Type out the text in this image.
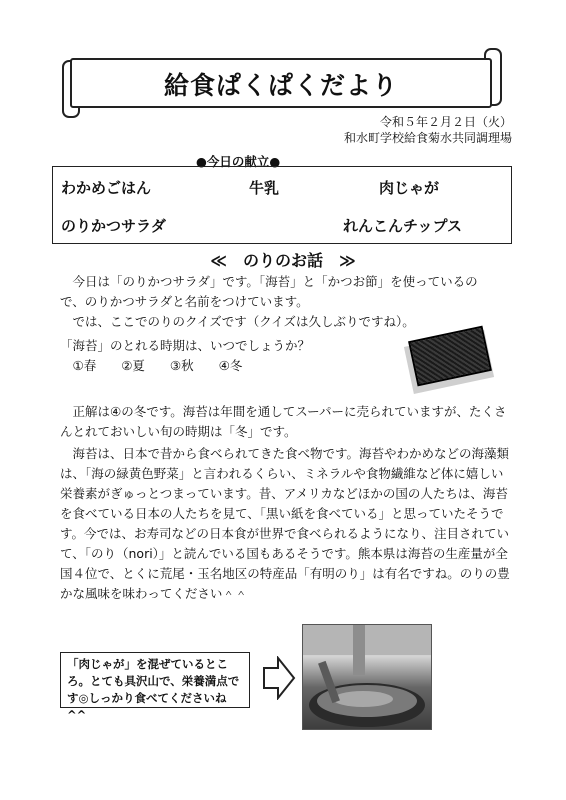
給食ぱくぱくだより
令和５年２月２日（火）
和水町学校給食菊水共同調理場
●今日の献立●
わかめごはん	牛乳	肉じゃが
のりかつサラダ	れんこんチップス
≪　のりのお話　≫

今日は「のりかつサラダ」です。「海苔」と「かつお節」を使っているので、のりかつサラダと名前をつけています。

では、ここでのりのクイズです（クイズは久しぶりですね）。

「海苔」のとれる時期は、いつでしょうか？

①春　　②夏　　③秋　　④冬

正解は④の冬です。海苔は年間を通してスーパーに売られていますが、たくさんとれておいしい旬の時期は「冬」です。

海苔は、日本で昔から食べられてきた食べ物です。海苔やわかめなどの海藻類は、「海の緑黄色野菜」と言われるくらい、ミネラルや食物繊維など体に嬉しい栄養素がぎゅっとつまっています。昔、アメリカなどほかの国の人たちは、海苔を食べている日本の人たちを見て、「黒い紙を食べている」と思っていたそうです。今では、お寿司などの日本食が世界で食べられるようになり、注目されていて、「のり（nori）」と読んでいる国もあるそうです。熊本県は海苔の生産量が全国４位で、とくに荒尾・玉名地区の特産品「有明のり」は有名ですね。のりの豊かな風味を味わってください＾＾

「肉じゃが」を混ぜているところ。とても具沢山で、栄養満点です◎しっかり食べてくださいね^^
